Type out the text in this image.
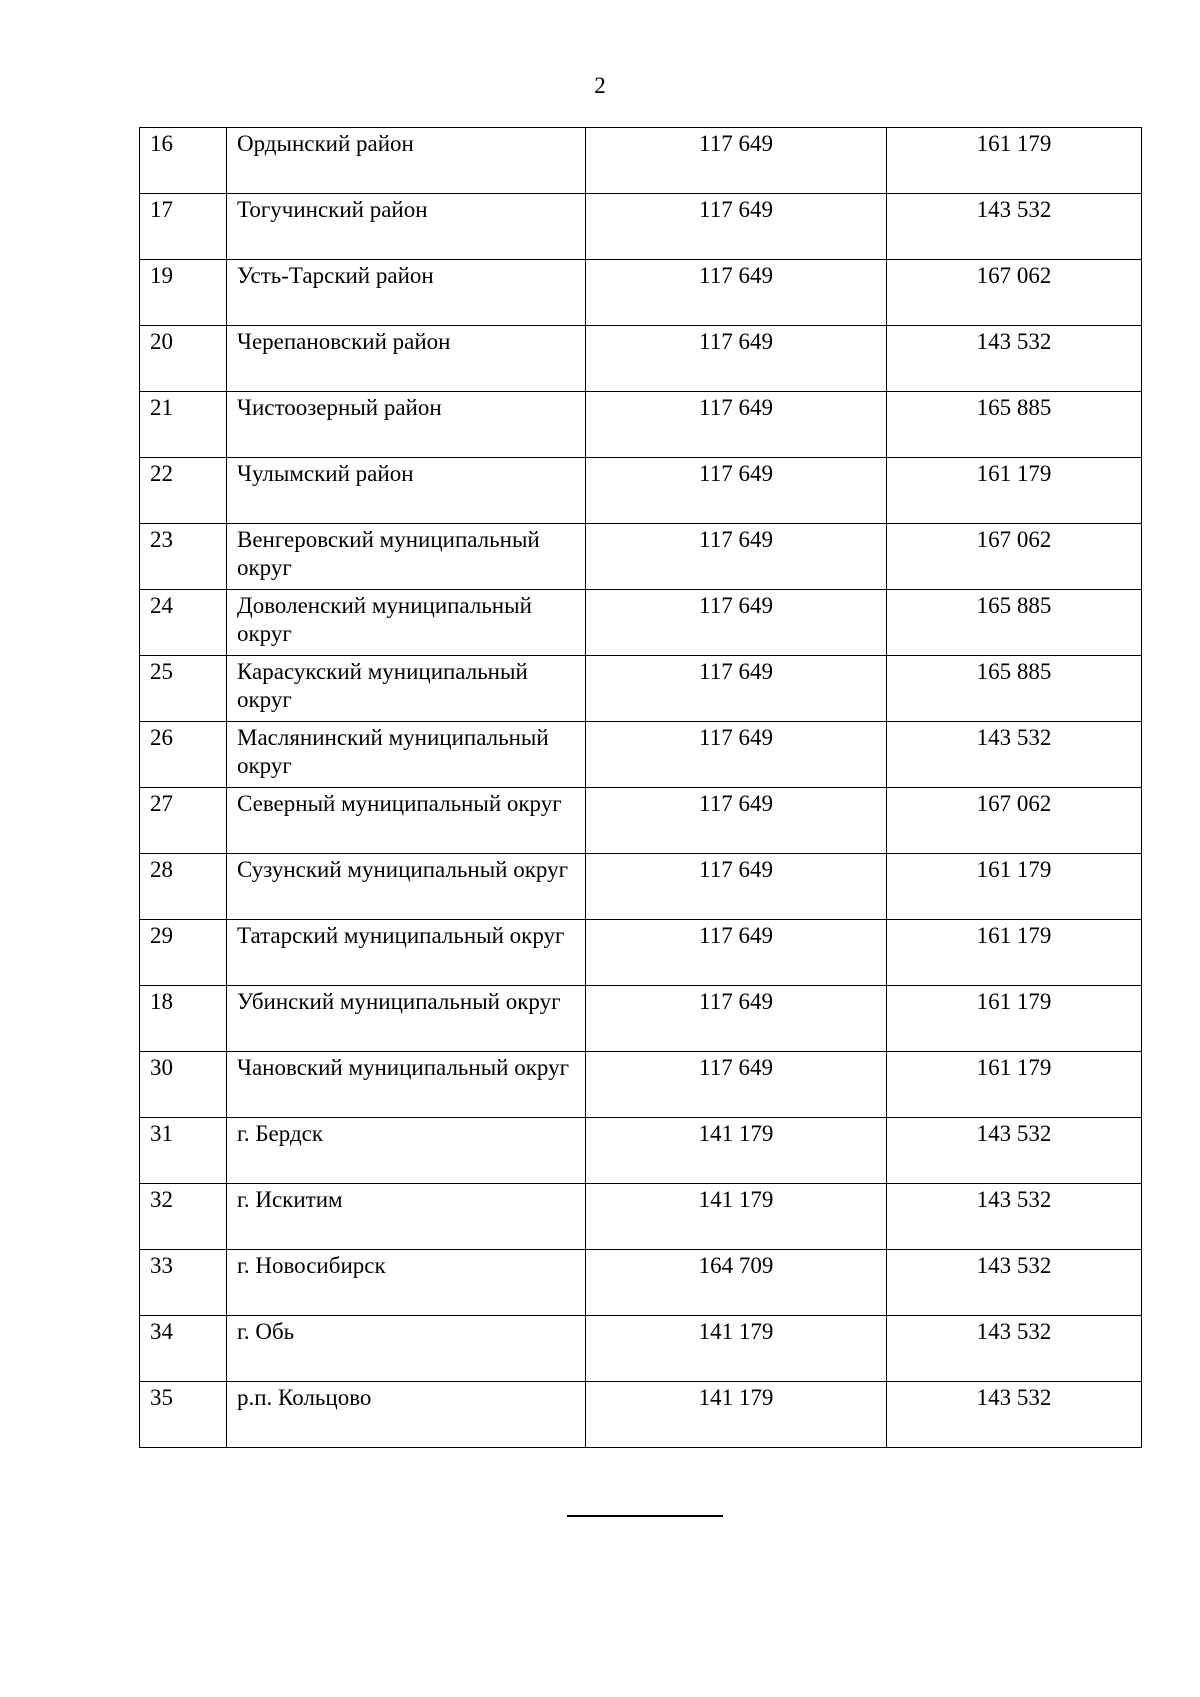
2
16	Ордынский район	117 649	161 179
17	Тогучинский район	117 649	143 532
19	Усть-Тарский район	117 649	167 062
20	Черепановский район	117 649	143 532
21	Чистоозерный район	117 649	165 885
22	Чулымский район	117 649	161 179
23	Венгеровский муниципальный округ	117 649	167 062
24	Доволенский муниципальный округ	117 649	165 885
25	Карасукский муниципальный округ	117 649	165 885
26	Маслянинский муниципальный округ	117 649	143 532
27	Северный муниципальный округ	117 649	167 062
28	Сузунский муниципальный округ	117 649	161 179
29	Татарский муниципальный округ	117 649	161 179
18	Убинский муниципальный округ	117 649	161 179
30	Чановский муниципальный округ	117 649	161 179
31	г. Бердск	141 179	143 532
32	г. Искитим	141 179	143 532
33	г. Новосибирск	164 709	143 532
34	г. Обь	141 179	143 532
35	р.п. Кольцово	141 179	143 532
